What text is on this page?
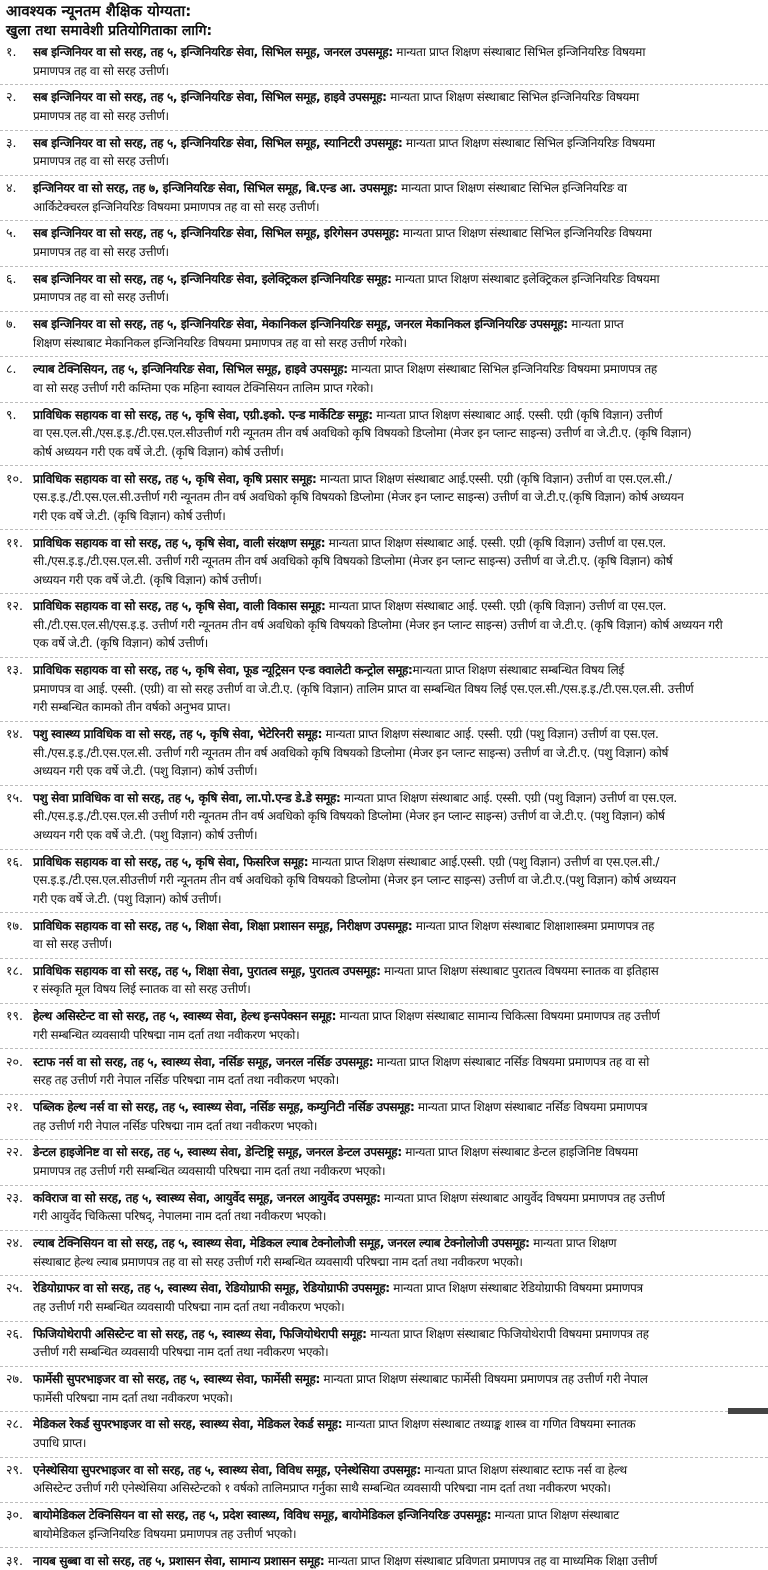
आवश्यक न्यूनतम शैक्षिक योग्यता:
खुला तथा समावेशी प्रतियोगिताका लागि:
१.	सब इन्जिनियर वा सो सरह, तह ५, इन्जिनियरिङ सेवा, सिभिल समूह, जनरल उपसमूह: मान्यता प्राप्त शिक्षण संस्थाबाट सिभिल इन्जिनियरिङ विषयमा
प्रमाणपत्र तह वा सो सरह उत्तीर्ण।
२.	सब इन्जिनियर वा सो सरह, तह ५, इन्जिनियरिङ सेवा, सिभिल समूह, हाइवे उपसमूह: मान्यता प्राप्त शिक्षण संस्थाबाट सिभिल इन्जिनियरिङ विषयमा
प्रमाणपत्र तह वा सो सरह उत्तीर्ण।
३.	सब इन्जिनियर वा सो सरह, तह ५, इन्जिनियरिङ सेवा, सिभिल समूह, स्यानिटरी उपसमूह: मान्यता प्राप्त शिक्षण संस्थाबाट सिभिल इन्जिनियरिङ विषयमा
प्रमाणपत्र तह वा सो सरह उत्तीर्ण।
४.	इन्जिनियर वा सो सरह, तह ७, इन्जिनियरिङ सेवा, सिभिल समूह, बि.एन्ड आ. उपसमूह: मान्यता प्राप्त शिक्षण संस्थाबाट सिभिल इन्जिनियरिङ वा
आर्किटेक्चरल इन्जिनियरिङ विषयमा प्रमाणपत्र तह वा सो सरह उत्तीर्ण।
५.	सब इन्जिनियर वा सो सरह, तह ५, इन्जिनियरिङ सेवा, सिभिल समूह, इरिगेसन उपसमूह: मान्यता प्राप्त शिक्षण संस्थाबाट सिभिल इन्जिनियरिङ विषयमा
प्रमाणपत्र तह वा सो सरह उत्तीर्ण।
६.	सब इन्जिनियर वा सो सरह, तह ५, इन्जिनियरिङ सेवा, इलेक्ट्रिकल इन्जिनियरिङ समूह: मान्यता प्राप्त शिक्षण संस्थाबाट इलेक्ट्रिकल इन्जिनियरिङ विषयमा
प्रमाणपत्र तह वा सो सरह उत्तीर्ण।
७.	सब इन्जिनियर वा सो सरह, तह ५, इन्जिनियरिङ सेवा, मेकानिकल इन्जिनियरिङ समूह, जनरल मेकानिकल इन्जिनियरिङ उपसमूह: मान्यता प्राप्त
शिक्षण संस्थाबाट मेकानिकल इन्जिनियरिङ विषयमा प्रमाणपत्र तह वा सो सरह उत्तीर्ण गरेको।
८.	ल्याब टेक्निसियन, तह ५, इन्जिनियरिङ सेवा, सिभिल समूह, हाइवे उपसमूह: मान्यता प्राप्त शिक्षण संस्थाबाट सिभिल इन्जिनियरिङ विषयमा प्रमाणपत्र तह
वा सो सरह उत्तीर्ण गरी कम्तिमा एक महिना स्वायल टेक्निसियन तालिम प्राप्त गरेको।
९.	प्राविधिक सहायक वा सो सरह, तह ५, कृषि सेवा, एग्री.इको. एन्ड मार्केटिङ समूह: मान्यता प्राप्त शिक्षण संस्थाबाट आई. एस्सी. एग्री (कृषि विज्ञान) उत्तीर्ण
वा एस.एल.सी./एस.इ.इ./टी.एस.एल.सीउत्तीर्ण गरी न्यूनतम तीन वर्ष अवधिको कृषि विषयको डिप्लोमा (मेजर इन प्लान्ट साइन्स) उत्तीर्ण वा जे.टी.ए. (कृषि विज्ञान)
कोर्ष अध्ययन गरी एक वर्षे जे.टी. (कृषि विज्ञान) कोर्ष उत्तीर्ण।
१०. प्राविधिक सहायक वा सो सरह, तह ५, कृषि सेवा, कृषि प्रसार समूह: मान्यता प्राप्त शिक्षण संस्थाबाट आई.एस्सी. एग्री (कृषि विज्ञान) उत्तीर्ण वा एस.एल.सी./
एस.इ.इ./टी.एस.एल.सी.उत्तीर्ण गरी न्यूनतम तीन वर्ष अवधिको कृषि विषयको डिप्लोमा (मेजर इन प्लान्ट साइन्स) उत्तीर्ण वा जे.टी.ए.(कृषि विज्ञान) कोर्ष अध्ययन
गरी एक वर्षे जे.टी. (कृषि विज्ञान) कोर्ष उत्तीर्ण।
११. प्राविधिक सहायक वा सो सरह, तह ५, कृषि सेवा, वाली संरक्षण समूह: मान्यता प्राप्त शिक्षण संस्थाबाट आई. एस्सी. एग्री (कृषि विज्ञान) उत्तीर्ण वा एस.एल.
सी./एस.इ.इ./टी.एस.एल.सी. उत्तीर्ण गरी न्यूनतम तीन वर्ष अवधिको कृषि विषयको डिप्लोमा (मेजर इन प्लान्ट साइन्स) उत्तीर्ण वा जे.टी.ए. (कृषि विज्ञान) कोर्ष
अध्ययन गरी एक वर्षे जे.टी. (कृषि विज्ञान) कोर्ष उत्तीर्ण।
१२. प्राविधिक सहायक वा सो सरह, तह ५, कृषि सेवा, वाली विकास समूह: मान्यता प्राप्त शिक्षण संस्थाबाट आई. एस्सी. एग्री (कृषि विज्ञान) उत्तीर्ण वा एस.एल.
सी./टी.एस.एल.सी/एस.इ.इ. उत्तीर्ण गरी न्यूनतम तीन वर्ष अवधिको कृषि विषयको डिप्लोमा (मेजर इन प्लान्ट साइन्स) उत्तीर्ण वा जे.टी.ए. (कृषि विज्ञान) कोर्ष अध्ययन गरी
एक वर्षे जे.टी. (कृषि विज्ञान) कोर्ष उत्तीर्ण।
१३. प्राविधिक सहायक वा सो सरह, तह ५, कृषि सेवा, फूड न्यूट्रिसन एन्ड क्वालेटी कन्ट्रोल समूह:मान्यता प्राप्त शिक्षण संस्थाबाट सम्बन्धित विषय लिई
प्रमाणपत्र वा आई. एस्सी. (एग्री) वा सो सरह उत्तीर्ण वा जे.टी.ए. (कृषि विज्ञान) तालिम प्राप्त वा सम्बन्धित विषय लिई एस.एल.सी./एस.इ.इ./टी.एस.एल.सी. उत्तीर्ण
गरी सम्बन्धित कामको तीन वर्षको अनुभव प्राप्त।
१४. पशु स्वास्थ्य प्राविधिक वा सो सरह, तह ५, कृषि सेवा, भेटेरिनरी समूह: मान्यता प्राप्त शिक्षण संस्थाबाट आई. एस्सी. एग्री (पशु विज्ञान) उत्तीर्ण वा एस.एल.
सी./एस.इ.इ./टी.एस.एल.सी. उत्तीर्ण गरी न्यूनतम तीन वर्ष अवधिको कृषि विषयको डिप्लोमा (मेजर इन प्लान्ट साइन्स) उत्तीर्ण वा जे.टी.ए. (पशु विज्ञान) कोर्ष
अध्ययन गरी एक वर्षे जे.टी. (पशु विज्ञान) कोर्ष उत्तीर्ण।
१५. पशु सेवा प्राविधिक वा सो सरह, तह ५, कृषि सेवा, ला.पो.एन्ड डे.डे समूह: मान्यता प्राप्त शिक्षण संस्थाबाट आई. एस्सी. एग्री (पशु विज्ञान) उत्तीर्ण वा एस.एल.
सी./एस.इ.इ./टी.एस.एल.सी उत्तीर्ण गरी न्यूनतम तीन वर्ष अवधिको कृषि विषयको डिप्लोमा (मेजर इन प्लान्ट साइन्स) उत्तीर्ण वा जे.टी.ए. (पशु विज्ञान) कोर्ष
अध्ययन गरी एक वर्षे जे.टी. (पशु विज्ञान) कोर्ष उत्तीर्ण।
१६. प्राविधिक सहायक वा सो सरह, तह ५, कृषि सेवा, फिसरिज समूह: मान्यता प्राप्त शिक्षण संस्थाबाट आई.एस्सी. एग्री (पशु विज्ञान) उत्तीर्ण वा एस.एल.सी./
एस.इ.इ./टी.एस.एल.सीउत्तीर्ण गरी न्यूनतम तीन वर्ष अवधिको कृषि विषयको डिप्लोमा (मेजर इन प्लान्ट साइन्स) उत्तीर्ण वा जे.टी.ए.(पशु विज्ञान) कोर्ष अध्ययन
गरी एक वर्षे जे.टी. (पशु विज्ञान) कोर्ष उत्तीर्ण।
१७. प्राविधिक सहायक वा सो सरह, तह ५, शिक्षा सेवा, शिक्षा प्रशासन समूह, निरीक्षण उपसमूह: मान्यता प्राप्त शिक्षण संस्थाबाट शिक्षाशास्त्रमा प्रमाणपत्र तह
वा सो सरह उत्तीर्ण।
१८. प्राविधिक सहायक वा सो सरह, तह ५, शिक्षा सेवा, पुरातत्व समूह, पुरातत्व उपसमूह: मान्यता प्राप्त शिक्षण संस्थाबाट पुरातत्व विषयमा स्नातक वा इतिहास
र संस्कृति मूल विषय लिई स्नातक वा सो सरह उत्तीर्ण।
१९. हेल्थ असिस्टेन्ट वा सो सरह, तह ५, स्वास्थ्य सेवा, हेल्थ इन्सपेक्सन समूह: मान्यता प्राप्त शिक्षण संस्थाबाट सामान्य चिकित्सा विषयमा प्रमाणपत्र तह उत्तीर्ण
गरी सम्बन्धित व्यवसायी परिषद्मा नाम दर्ता तथा नवीकरण भएको।
२०. स्टाफ नर्स वा सो सरह, तह ५, स्वास्थ्य सेवा, नर्सिङ समूह, जनरल नर्सिङ उपसमूह: मान्यता प्राप्त शिक्षण संस्थाबाट नर्सिङ विषयमा प्रमाणपत्र तह वा सो
सरह तह उत्तीर्ण गरी नेपाल नर्सिङ परिषद्मा नाम दर्ता तथा नवीकरण भएको।
२१. पब्लिक हेल्थ नर्स वा सो सरह, तह ५, स्वास्थ्य सेवा, नर्सिङ समूह, कम्युनिटी नर्सिङ उपसमूह: मान्यता प्राप्त शिक्षण संस्थाबाट नर्सिङ विषयमा प्रमाणपत्र
तह उत्तीर्ण गरी नेपाल नर्सिङ परिषद्मा नाम दर्ता तथा नवीकरण भएको।
२२. डेन्टल हाइजेनिष्ट वा सो सरह, तह ५, स्वास्थ्य सेवा, डेन्टिष्ट्रि समूह, जनरल डेन्टल उपसमूह: मान्यता प्राप्त शिक्षण संस्थाबाट डेन्टल हाइजिनिष्ट विषयमा
प्रमाणपत्र तह उत्तीर्ण गरी सम्बन्धित व्यवसायी परिषद्मा नाम दर्ता तथा नवीकरण भएको।
२३. कविराज वा सो सरह, तह ५, स्वास्थ्य सेवा, आयुर्वेद समूह, जनरल आयुर्वेद उपसमूह: मान्यता प्राप्त शिक्षण संस्थाबाट आयुर्वेद विषयमा प्रमाणपत्र तह उत्तीर्ण
गरी आयुर्वेद चिकित्सा परिषद्, नेपालमा नाम दर्ता तथा नवीकरण भएको।
२४. ल्याब टेक्निसियन वा सो सरह, तह ५, स्वास्थ्य सेवा, मेडिकल ल्याब टेक्नोलोजी समूह, जनरल ल्याब टेक्नोलोजी उपसमूह: मान्यता प्राप्त शिक्षण
संस्थाबाट हेल्थ ल्याब प्रमाणपत्र तह वा सो सरह उत्तीर्ण गरी सम्बन्धित व्यवसायी परिषद्मा नाम दर्ता तथा नवीकरण भएको।
२५. रेडियोग्राफर वा सो सरह, तह ५, स्वास्थ्य सेवा, रेडियोग्राफी समूह, रेडियोग्राफी उपसमूह: मान्यता प्राप्त शिक्षण संस्थाबाट रेडियोग्राफी विषयमा प्रमाणपत्र
तह उत्तीर्ण गरी सम्बन्धित व्यवसायी परिषद्मा नाम दर्ता तथा नवीकरण भएको।
२६. फिजियोथेरापी असिस्टेन्ट वा सो सरह, तह ५, स्वास्थ्य सेवा, फिजियोथेरापी समूह: मान्यता प्राप्त शिक्षण संस्थाबाट फिजियोथेरापी विषयमा प्रमाणपत्र तह
उत्तीर्ण गरी सम्बन्धित व्यवसायी परिषद्मा नाम दर्ता तथा नवीकरण भएको।
२७. फार्मेसी सुपरभाइजर वा सो सरह, तह ५, स्वास्थ्य सेवा, फार्मेसी समूह: मान्यता प्राप्त शिक्षण संस्थाबाट फार्मेसी विषयमा प्रमाणपत्र तह उत्तीर्ण गरी नेपाल
फार्मेसी परिषद्मा नाम दर्ता तथा नवीकरण भएको।
२८. मेडिकल रेकर्ड सुपरभाइजर वा सो सरह, स्वास्थ्य सेवा, मेडिकल रेकर्ड समूह: मान्यता प्राप्त शिक्षण संस्थाबाट तथ्याङ्क शास्त्र वा गणित विषयमा स्नातक
उपाधि प्राप्त।
२९. एनेस्थेसिया सुपरभाइजर वा सो सरह, तह ५, स्वास्थ्य सेवा, विविध समूह, एनेस्थेसिया उपसमूह: मान्यता प्राप्त शिक्षण संस्थाबाट स्टाफ नर्स वा हेल्थ
असिस्टेन्ट उत्तीर्ण गरी एनेस्थेसिया असिस्टेन्टको १ वर्षको तालिमप्राप्त गर्नुका साथै सम्बन्धित व्यवसायी परिषद्मा नाम दर्ता तथा नवीकरण भएको।
३०. बायोमेडिकल टेक्निसियन वा सो सरह, तह ५, प्रदेश स्वास्थ्य, विविध समूह, बायोमेडिकल इन्जिनियरिङ उपसमूह: मान्यता प्राप्त शिक्षण संस्थाबाट
बायोमेडिकल इन्जिनियरिङ विषयमा प्रमाणपत्र तह उत्तीर्ण भएको।
३१. नायब सुब्बा वा सो सरह, तह ५, प्रशासन सेवा, सामान्य प्रशासन समूह: मान्यता प्राप्त शिक्षण संस्थाबाट प्रविणता प्रमाणपत्र तह वा माध्यमिक शिक्षा उत्तीर्ण
